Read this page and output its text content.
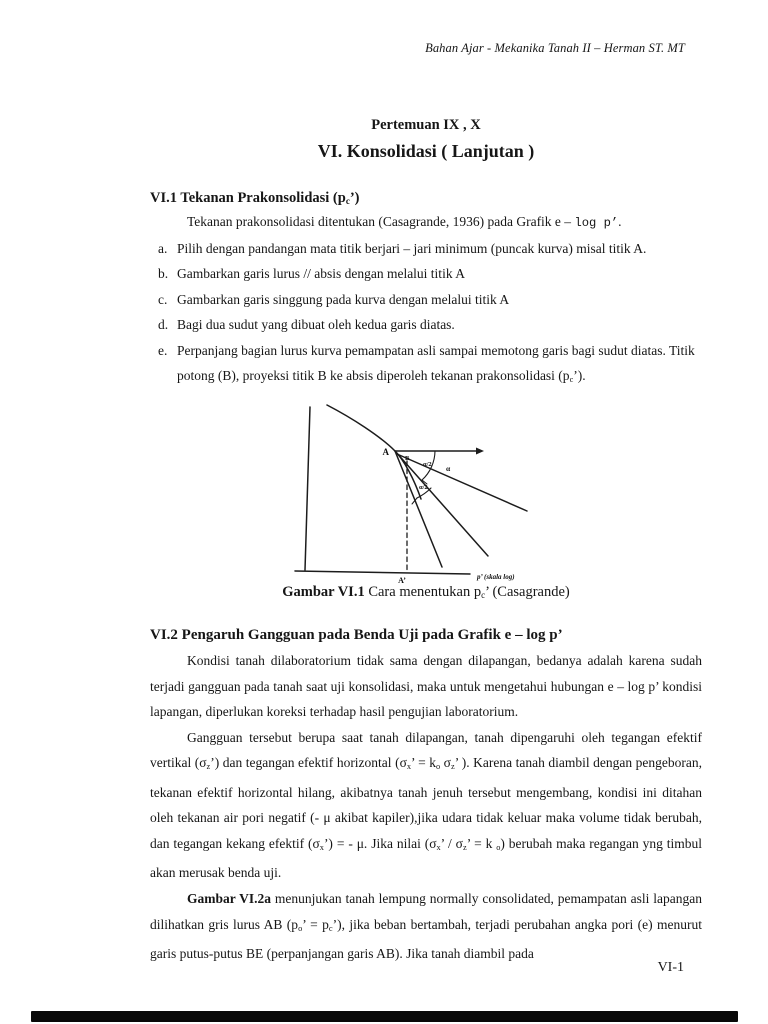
Bahan Ajar - Mekanika Tanah II – Herman ST. MT
Pertemuan IX , X
VI. Konsolidasi ( Lanjutan )
VI.1 Tekanan Prakonsolidasi $(p_c’)$
Tekanan prakonsolidasi ditentukan (Casagrande, 1936) pada Grafik e – log p’.
a. Pilih dengan pandangan mata titik berjari – jari minimum (puncak kurva) misal titik A.
b. Gambarkan garis lurus // absis dengan melalui titik A
c. Gambarkan garis singgung pada kurva dengan melalui titik A
d. Bagi dua sudut yang dibuat oleh kedua garis diatas.
e. Perpanjang bagian lurus kurva pemampatan asli sampai memotong garis bagi sudut diatas. Titik potong (B), proyeksi titik B ke absis diperoleh tekanan prakonsolidasi $(p_c’)$.
A
B
α/2
α/2
α
A’	p’ (skala log)
Gambar VI.1 Cara menentukan $p_c$’ (Casagrande)
VI.2 Pengaruh Gangguan pada Benda Uji pada Grafik e – log p’

Kondisi tanah dilaboratorium tidak sama dengan dilapangan, bedanya adalah karena sudah terjadi gangguan pada tanah saat uji konsolidasi, maka untuk mengetahui hubungan e – log p’ kondisi lapangan, diperlukan koreksi terhadap hasil pengujian laboratorium.

Gangguan tersebut berupa saat tanah dilapangan, tanah dipengaruhi oleh tegangan efektif vertikal $(\sigma_z’)$ dan tegangan efektif horizontal ($\sigma_x$’ = $k_o$ $\sigma_z$’ ). Karena tanah diambil dengan pengeboran, tekanan efektif horizontal hilang, akibatnya tanah jenuh tersebut mengembang, kondisi ini ditahan oleh tekanan air pori negatif (- μ akibat kapiler),jika udara tidak keluar maka volume tidak berubah, dan tegangan kekang efektif $(\sigma_x’)$ = - μ. Jika nilai ($\sigma_x$’ / $\sigma_z$’ = k $_o$) berubah maka regangan yng timbul akan merusak benda uji.

Gambar VI.2a menunjukan tanah lempung normally consolidated, pemampatan asli lapangan dilihatkan gris lurus AB ($p_o$’ = $p_c$’), jika beban bertambah, terjadi perubahan angka pori (e) menurut garis putus-putus BE (perpanjangan garis AB). Jika tanah diambil pada

VI-1
